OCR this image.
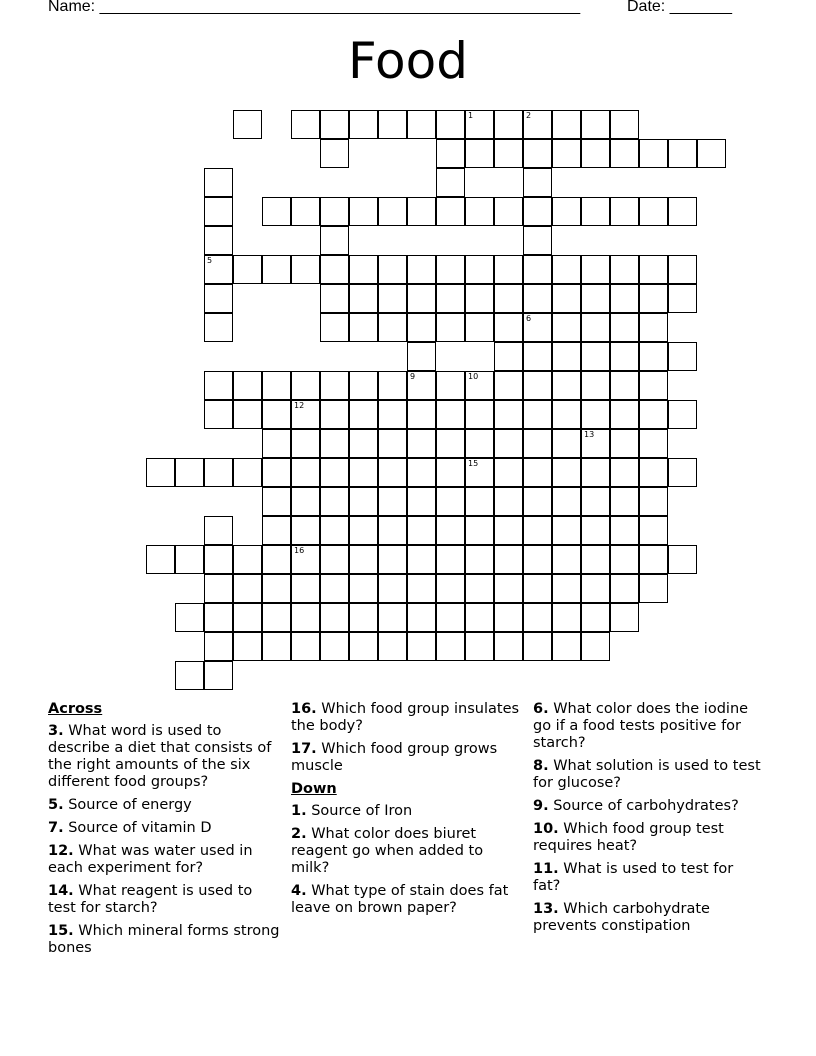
Name: ______________________________________________________	Date: _______
Food
1	2
5
6
9	10
12
13
15
16
Across
3. What word is used to describe a diet that consists of the right amounts of the six different food groups?
5. Source of energy
7. Source of vitamin D
12. What was water used in each experiment for?
14. What reagent is used to test for starch?
15. Which mineral forms strong bones
16. Which food group insulates the body?
17. Which food group grows muscle
Down
1. Source of Iron
2. What color does biuret reagent go when added to milk?
4. What type of stain does fat leave on brown paper?
6. What color does the iodine go if a food tests positive for starch?
8. What solution is used to test for glucose?
9. Source of carbohydrates?
10. Which food group test requires heat?
11. What is used to test for fat?
13. Which carbohydrate prevents constipation
